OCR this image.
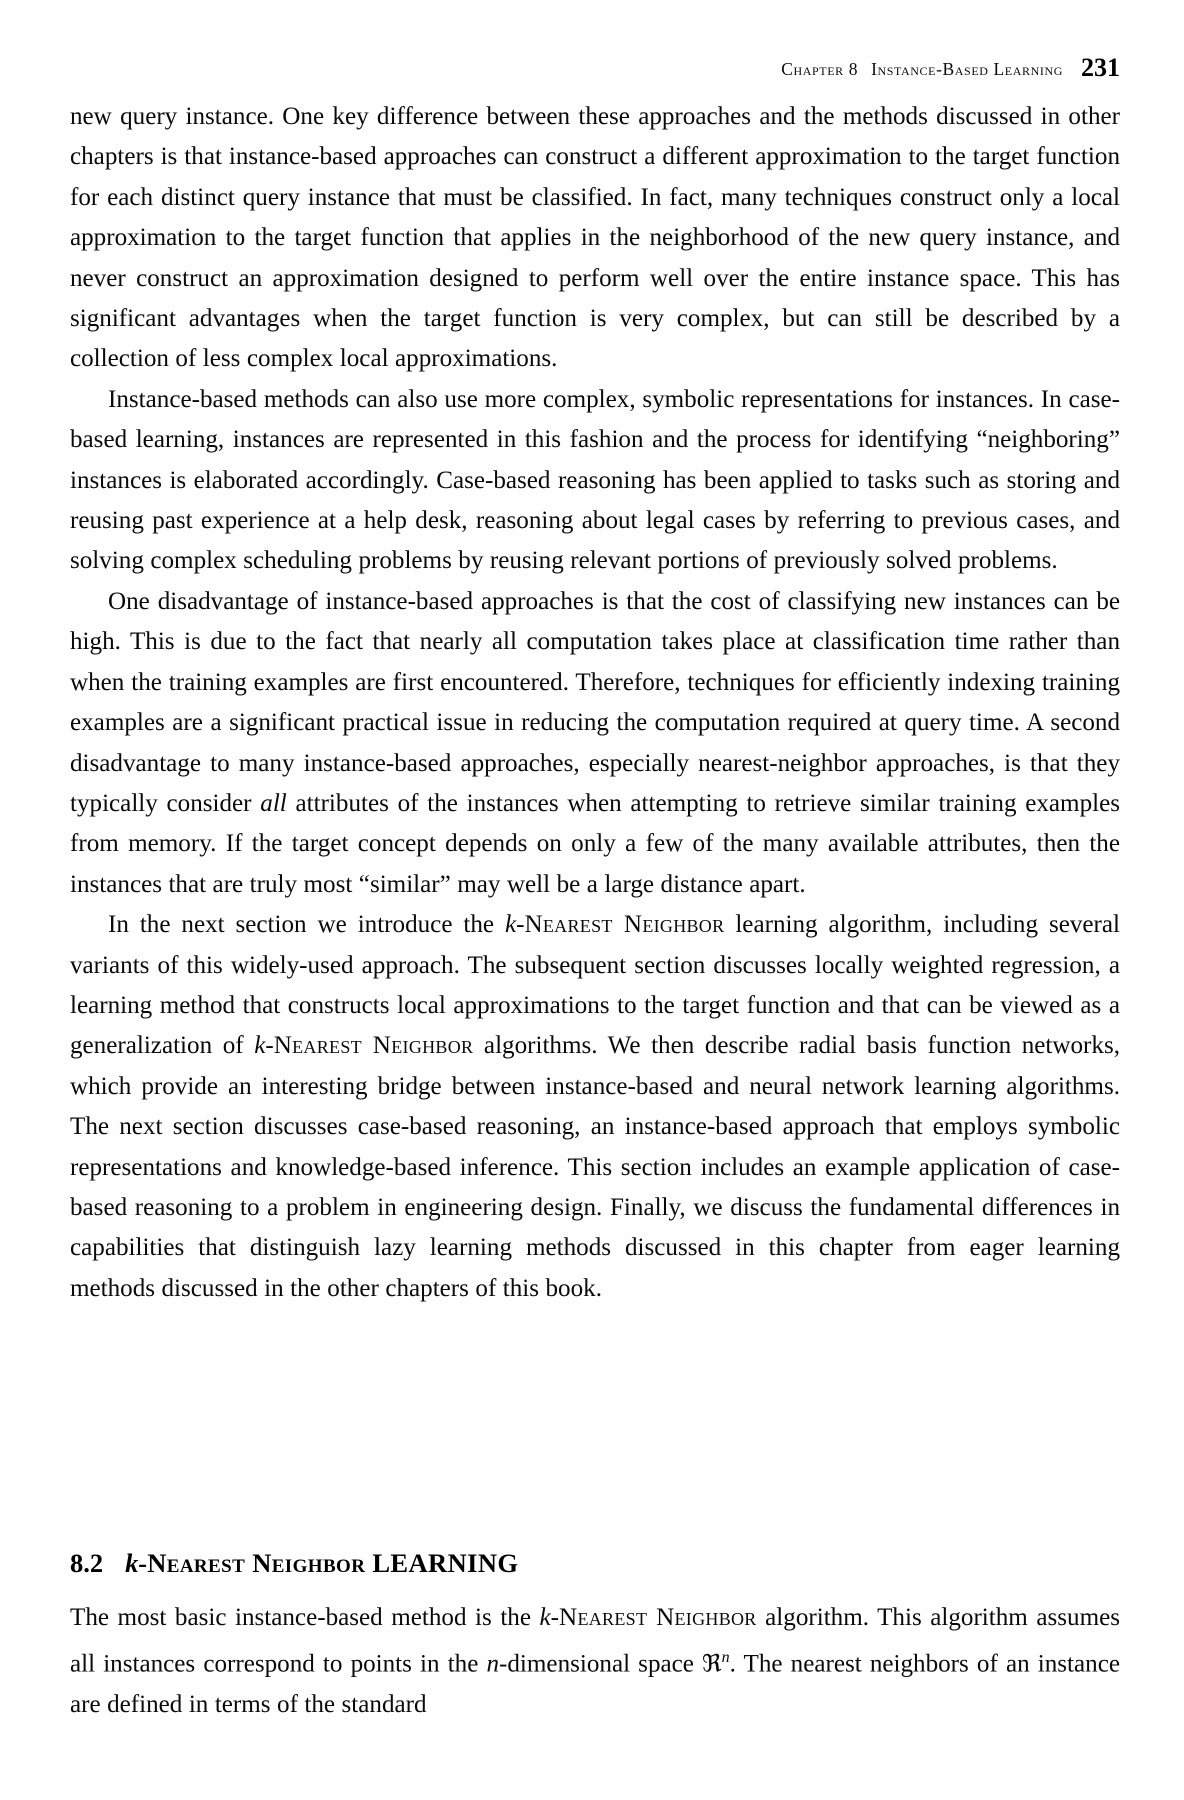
Chapter 8 Instance-Based Learning 231

new query instance. One key difference between these approaches and the methods discussed in other chapters is that instance-based approaches can construct a different approximation to the target function for each distinct query instance that must be classified. In fact, many techniques construct only a local approximation to the target function that applies in the neighborhood of the new query instance, and never construct an approximation designed to perform well over the entire instance space. This has significant advantages when the target function is very complex, but can still be described by a collection of less complex local approximations.

Instance-based methods can also use more complex, symbolic representations for instances. In case-based learning, instances are represented in this fashion and the process for identifying “neighboring” instances is elaborated accordingly. Case-based reasoning has been applied to tasks such as storing and reusing past experience at a help desk, reasoning about legal cases by referring to previous cases, and solving complex scheduling problems by reusing relevant portions of previously solved problems.

One disadvantage of instance-based approaches is that the cost of classifying new instances can be high. This is due to the fact that nearly all computation takes place at classification time rather than when the training examples are first encountered. Therefore, techniques for efficiently indexing training examples are a significant practical issue in reducing the computation required at query time. A second disadvantage to many instance-based approaches, especially nearest-neighbor approaches, is that they typically consider all attributes of the instances when attempting to retrieve similar training examples from memory. If the target concept depends on only a few of the many available attributes, then the instances that are truly most “similar” may well be a large distance apart.

In the next section we introduce the k-Nearest Neighbor learning algorithm, including several variants of this widely-used approach. The subsequent section discusses locally weighted regression, a learning method that constructs local approximations to the target function and that can be viewed as a generalization of k-Nearest Neighbor algorithms. We then describe radial basis function networks, which provide an interesting bridge between instance-based and neural network learning algorithms. The next section discusses case-based reasoning, an instance-based approach that employs symbolic representations and knowledge-based inference. This section includes an example application of case-based reasoning to a problem in engineering design. Finally, we discuss the fundamental differences in capabilities that distinguish lazy learning methods discussed in this chapter from eager learning methods discussed in the other chapters of this book.

8.2 k-Nearest Neighbor LEARNING

The most basic instance-based method is the k-Nearest Neighbor algorithm. This algorithm assumes all instances correspond to points in the n-dimensional space ℜ$^n$. The nearest neighbors of an instance are defined in terms of the standard
